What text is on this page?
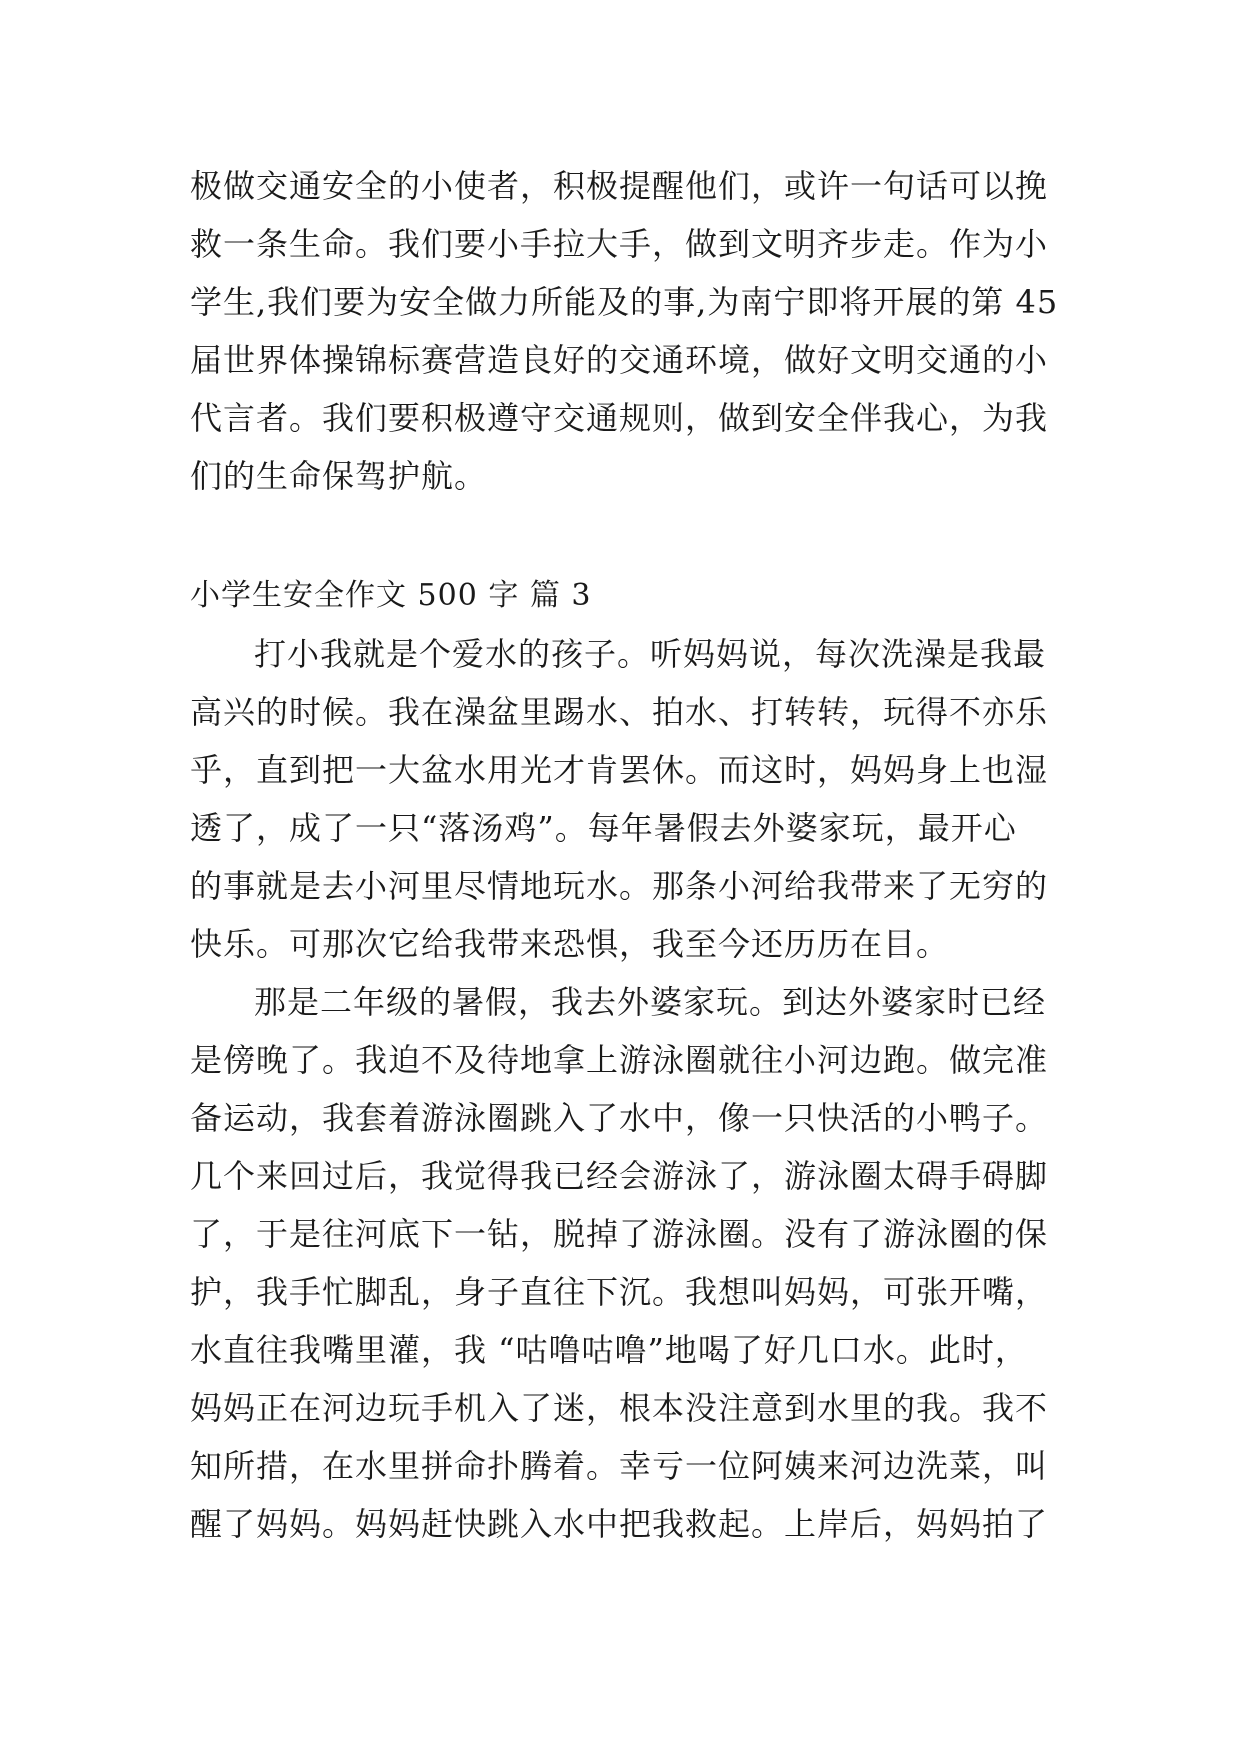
极做交通安全的小使者，积极提醒他们，或许一句话可以挽
救一条生命。我们要小手拉大手，做到文明齐步走。作为小
学生,我们要为安全做力所能及的事,为南宁即将开展的第 45
届世界体操锦标赛营造良好的交通环境，做好文明交通的小
代言者。我们要积极遵守交通规则，做到安全伴我心，为我
们的生命保驾护航。
小学生安全作文 500 字 篇 3
打小我就是个爱水的孩子。听妈妈说，每次洗澡是我最
高兴的时候。我在澡盆里踢水、拍水、打转转，玩得不亦乐
乎，直到把一大盆水用光才肯罢休。而这时，妈妈身上也湿
透了，成了一只“落汤鸡”。每年暑假去外婆家玩，最开心
的事就是去小河里尽情地玩水。那条小河给我带来了无穷的
快乐。可那次它给我带来恐惧，我至今还历历在目。
那是二年级的暑假，我去外婆家玩。到达外婆家时已经
是傍晚了。我迫不及待地拿上游泳圈就往小河边跑。做完准
备运动，我套着游泳圈跳入了水中，像一只快活的小鸭子。
几个来回过后，我觉得我已经会游泳了，游泳圈太碍手碍脚
了，于是往河底下一钻，脱掉了游泳圈。没有了游泳圈的保
护，我手忙脚乱，身子直往下沉。我想叫妈妈，可张开嘴，
水直往我嘴里灌，我 “咕噜咕噜”地喝了好几口水。此时，
妈妈正在河边玩手机入了迷，根本没注意到水里的我。我不
知所措，在水里拼命扑腾着。幸亏一位阿姨来河边洗菜，叫
醒了妈妈。妈妈赶快跳入水中把我救起。上岸后，妈妈拍了
